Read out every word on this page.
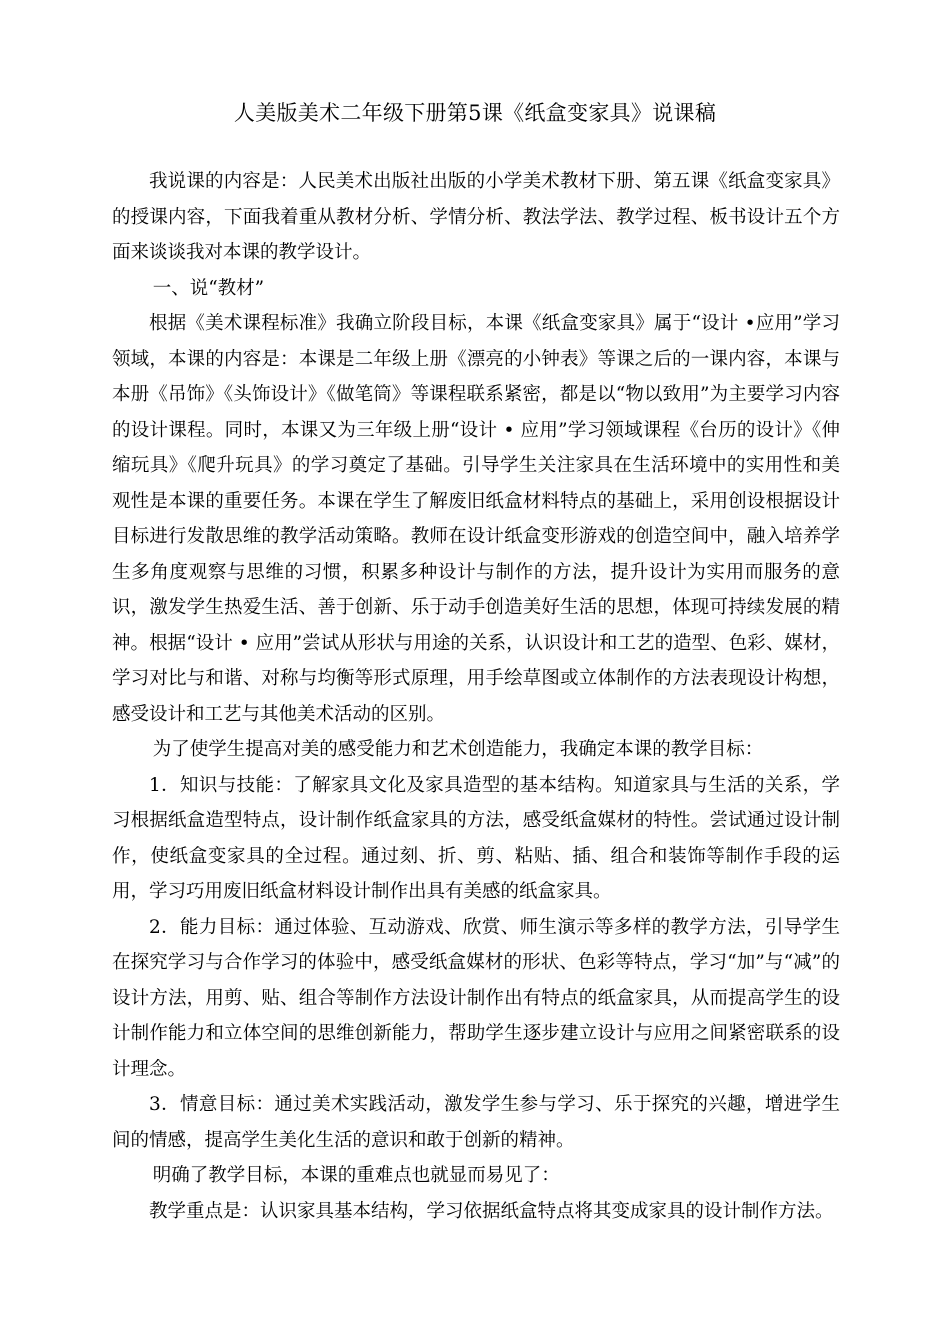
人美版美术二年级下册第5课《纸盒变家具》说课稿

我说课的内容是：人民美术出版社出版的小学美术教材下册、第五课《纸盒变家具》的授课内容，下面我着重从教材分析、学情分析、教法学法、教学过程、板书设计五个方面来谈谈我对本课的教学设计。

一、说“教材”

根据《美术课程标准》我确立阶段目标，本课《纸盒变家具》属于“设计 •应用”学习领域，本课的内容是：本课是二年级上册《漂亮的小钟表》等课之后的一课内容，本课与本册《吊饰》《头饰设计》《做笔筒》等课程联系紧密，都是以“物以致用”为主要学习内容的设计课程。同时，本课又为三年级上册“设计 • 应用”学习领域课程《台历的设计》《伸缩玩具》《爬升玩具》的学习奠定了基础。引导学生关注家具在生活环境中的实用性和美观性是本课的重要任务。本课在学生了解废旧纸盒材料特点的基础上，采用创设根据设计目标进行发散思维的教学活动策略。教师在设计纸盒变形游戏的创造空间中，融入培养学生多角度观察与思维的习惯，积累多种设计与制作的方法，提升设计为实用而服务的意识，激发学生热爱生活、善于创新、乐于动手创造美好生活的思想，体现可持续发展的精神。根据“设计 • 应用”尝试从形状与用途的关系，认识设计和工艺的造型、色彩、媒材，学习对比与和谐、对称与均衡等形式原理，用手绘草图或立体制作的方法表现设计构想，感受设计和工艺与其他美术活动的区别。

为了使学生提高对美的感受能力和艺术创造能力，我确定本课的教学目标：

1．知识与技能：了解家具文化及家具造型的基本结构。知道家具与生活的关系，学习根据纸盒造型特点，设计制作纸盒家具的方法，感受纸盒媒材的特性。尝试通过设计制作，使纸盒变家具的全过程。通过刻、折、剪、粘贴、插、组合和装饰等制作手段的运用，学习巧用废旧纸盒材料设计制作出具有美感的纸盒家具。

2．能力目标：通过体验、互动游戏、欣赏、师生演示等多样的教学方法，引导学生在探究学习与合作学习的体验中，感受纸盒媒材的形状、色彩等特点，学习“加”与“减”的设计方法，用剪、贴、组合等制作方法设计制作出有特点的纸盒家具，从而提高学生的设计制作能力和立体空间的思维创新能力，帮助学生逐步建立设计与应用之间紧密联系的设计理念。

3．情意目标：通过美术实践活动，激发学生参与学习、乐于探究的兴趣，增进学生间的情感，提高学生美化生活的意识和敢于创新的精神。

明确了教学目标，本课的重难点也就显而易见了：

教学重点是：认识家具基本结构，学习依据纸盒特点将其变成家具的设计制作方法。
